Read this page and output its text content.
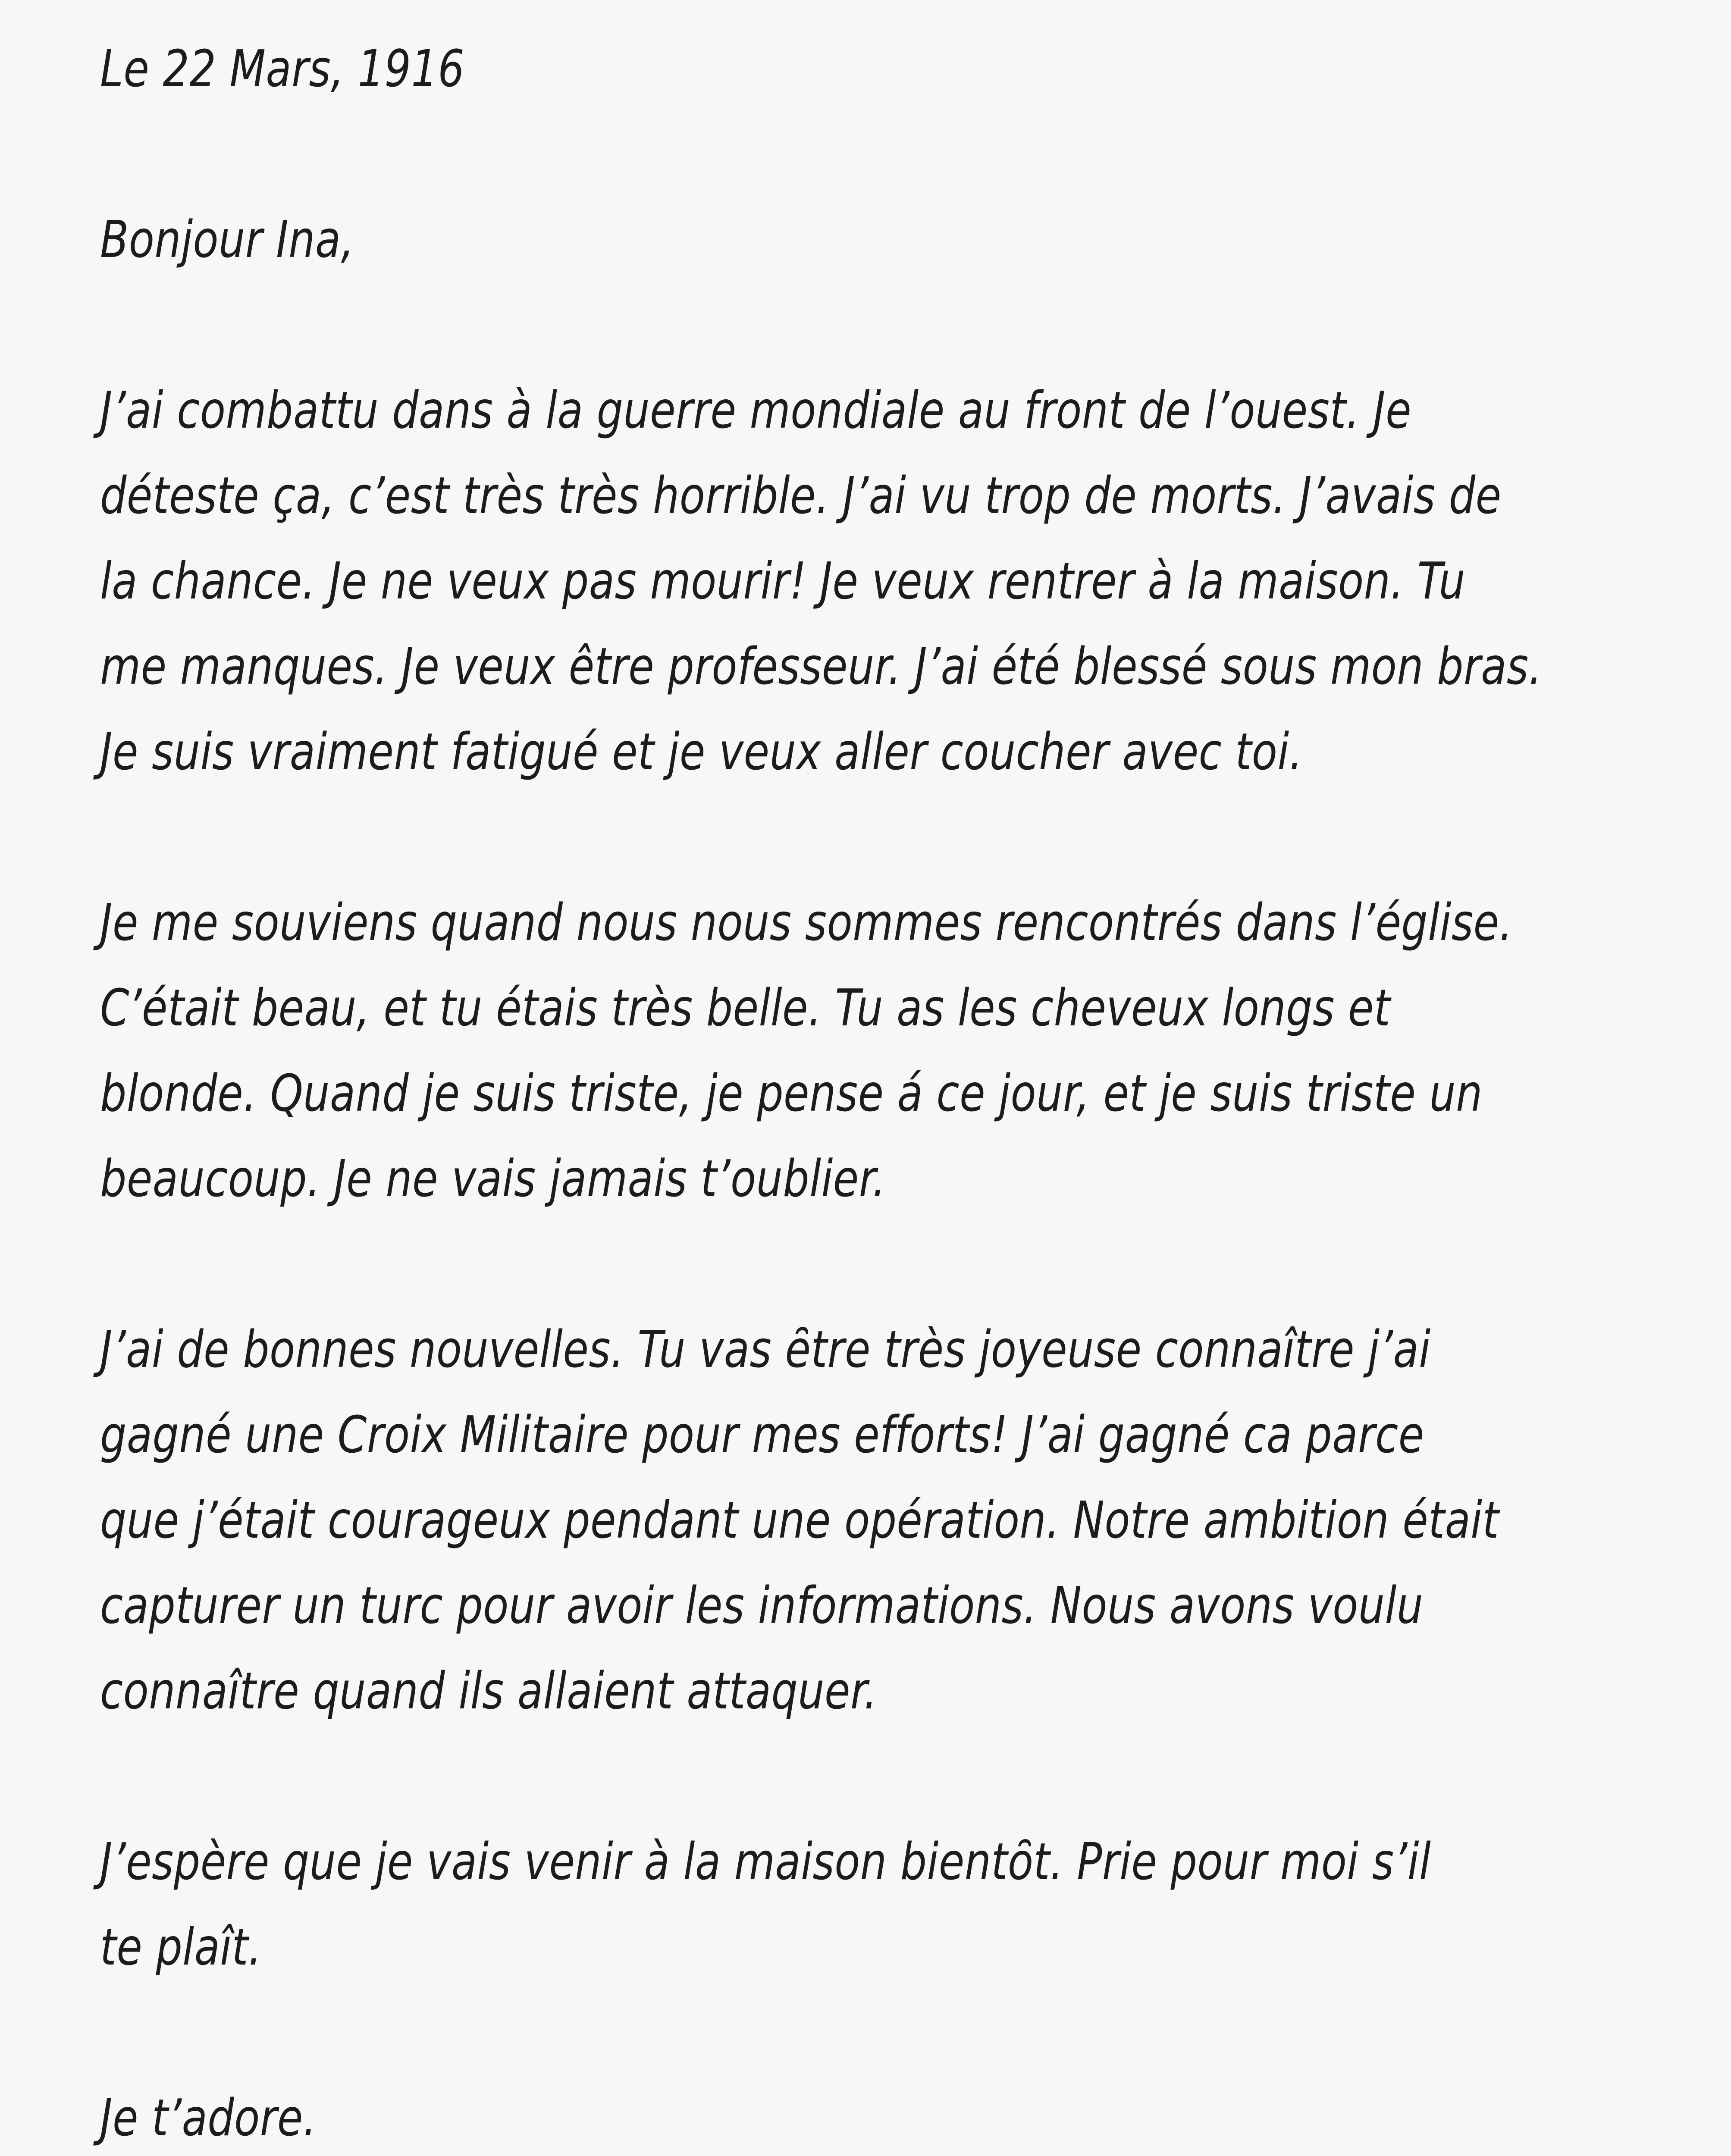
Le 22 Mars, 1916
Bonjour Ina,
J’ai combattu dans à la guerre mondiale au front de l’ouest. Je
déteste ça, c’est très très horrible. J’ai vu trop de morts. J’avais de
la chance. Je ne veux pas mourir! Je veux rentrer à la maison. Tu
me manques. Je veux être professeur. J’ai été blessé sous mon bras.
Je suis vraiment fatigué et je veux aller coucher avec toi.
Je me souviens quand nous nous sommes rencontrés dans l’église.
C’était beau, et tu étais très belle. Tu as les cheveux longs et
blonde. Quand je suis triste, je pense á ce jour, et je suis triste un
beaucoup. Je ne vais jamais t’oublier.
J’ai de bonnes nouvelles. Tu vas ȇtre très joyeuse connaître j’ai
gagné une Croix Militaire pour mes efforts! J’ai gagné ca parce
que j’était courageux pendant une opération. Notre ambition était
capturer un turc pour avoir les informations. Nous avons voulu
connaître quand ils allaient attaquer.
J’espère que je vais venir à la maison bientȏt. Prie pour moi s’il
te plaît.
Je t’adore.
